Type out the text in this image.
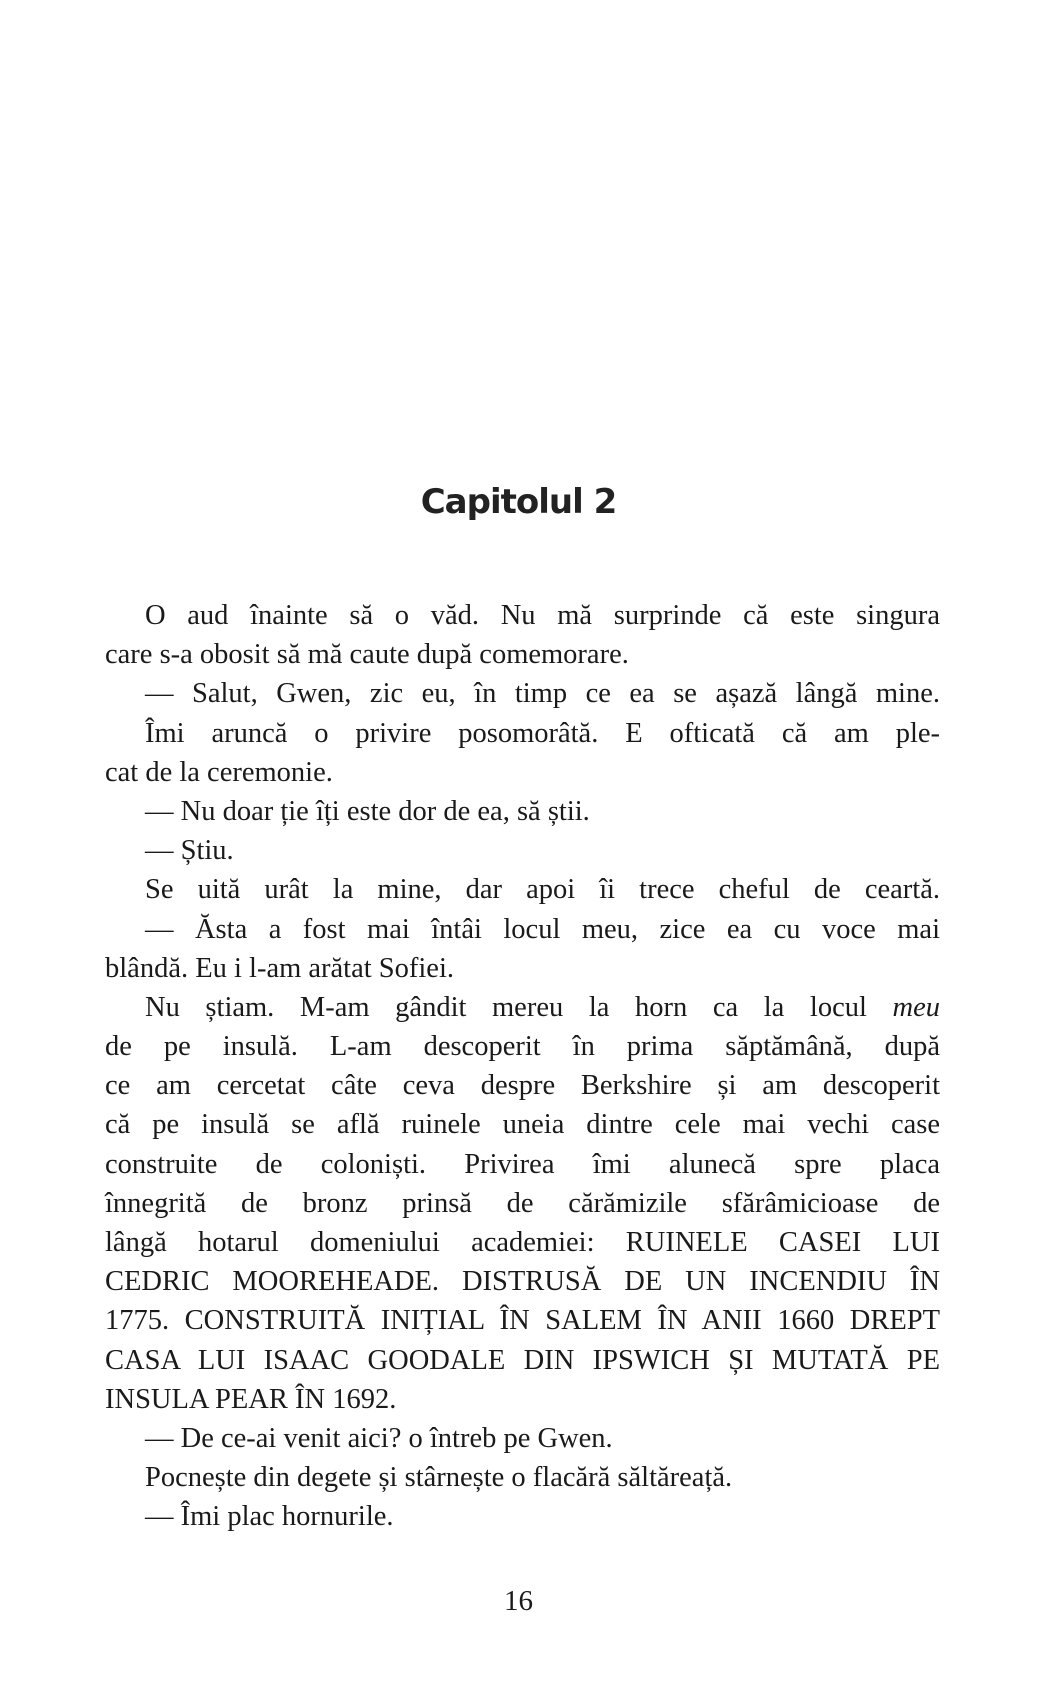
Capitolul 2
O aud înainte să o văd. Nu mă surprinde că este singura
care s-a obosit să mă caute după comemorare.
— Salut, Gwen, zic eu, în timp ce ea se așază lângă mine.
Îmi aruncă o privire posomorâtă. E ofticată că am ple-
cat de la ceremonie.
— Nu doar ție îți este dor de ea, să știi.
— Știu.
Se uită urât la mine, dar apoi îi trece cheful de ceartă.
— Ăsta a fost mai întâi locul meu, zice ea cu voce mai
blândă. Eu i l-am arătat Sofiei.
Nu știam. M-am gândit mereu la horn ca la locul meu
de pe insulă. L-am descoperit în prima săptămână, după
ce am cercetat câte ceva despre Berkshire și am descoperit
că pe insulă se află ruinele uneia dintre cele mai vechi case
construite de coloniști. Privirea îmi alunecă spre placa
înnegrită de bronz prinsă de cărămizile sfărâmicioase de
lângă hotarul domeniului academiei: RUINELE CASEI LUI
CEDRIC MOOREHEADE. DISTRUSĂ DE UN INCENDIU ÎN
1775. CONSTRUITĂ INIȚIAL ÎN SALEM ÎN ANII 1660 DREPT
CASA LUI ISAAC GOODALE DIN IPSWICH ȘI MUTATĂ PE
INSULA PEAR ÎN 1692.
— De ce-ai venit aici? o întreb pe Gwen.
Pocnește din degete și stârnește o flacără săltăreață.
— Îmi plac hornurile.
16
